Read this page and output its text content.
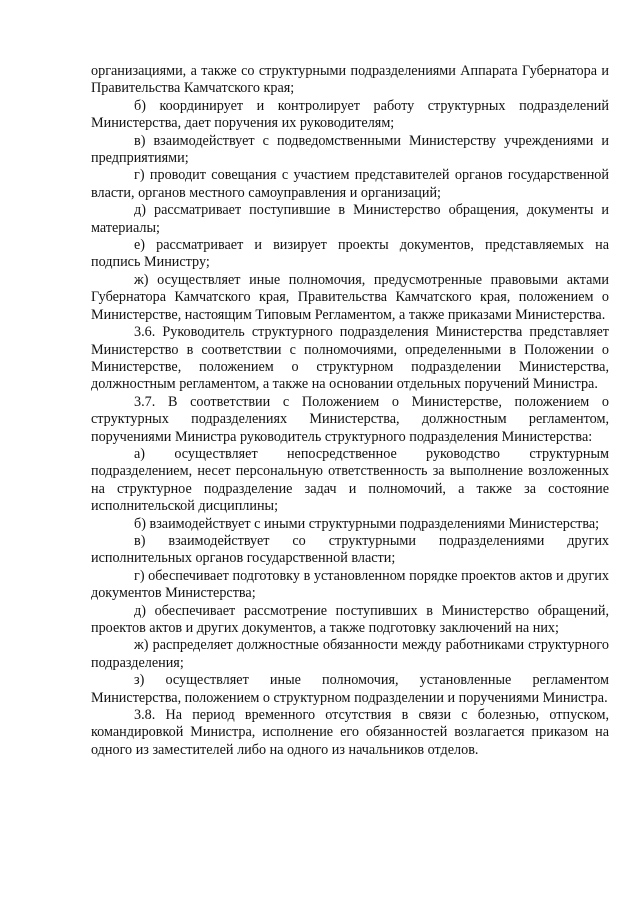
организациями, а также со структурными подразделениями Аппарата Губернатора и Правительства Камчатского края;

б) координирует и контролирует работу структурных подразделений Министерства, дает поручения их руководителям;

в) взаимодействует с подведомственными Министерству учреждениями и предприятиями;

г) проводит совещания с участием представителей органов государственной власти, органов местного самоуправления и организаций;

д) рассматривает поступившие в Министерство обращения, документы и материалы;

е) рассматривает и визирует проекты документов, представляемых на подпись Министру;

ж) осуществляет иные полномочия, предусмотренные правовыми актами Губернатора Камчатского края, Правительства Камчатского края, положением о Министерстве, настоящим Типовым Регламентом, а также приказами Министерства.

3.6. Руководитель структурного подразделения Министерства представляет Министерство в соответствии с полномочиями, определенными в Положении о Министерстве, положением о структурном подразделении Министерства, должностным регламентом, а также на основании отдельных поручений Министра.

3.7. В соответствии с Положением о Министерстве, положением о структурных подразделениях Министерства, должностным регламентом, поручениями Министра руководитель структурного подразделения Министерства:

а) осуществляет непосредственное руководство структурным подразделением, несет персональную ответственность за выполнение возложенных на структурное подразделение задач и полномочий, а также за состояние исполнительской дисциплины;

б) взаимодействует с иными структурными подразделениями Министерства;

в) взаимодействует со структурными подразделениями других исполнительных органов государственной власти;

г) обеспечивает подготовку в установленном порядке проектов актов и других документов Министерства;

д) обеспечивает рассмотрение поступивших в Министерство обращений, проектов актов и других документов, а также подготовку заключений на них;

ж) распределяет должностные обязанности между работниками структурного подразделения;

з) осуществляет иные полномочия, установленные регламентом Министерства, положением о структурном подразделении и поручениями Министра.

3.8. На период временного отсутствия в связи с болезнью, отпуском, командировкой Министра, исполнение его обязанностей возлагается приказом на одного из заместителей либо на одного из начальников отделов.
